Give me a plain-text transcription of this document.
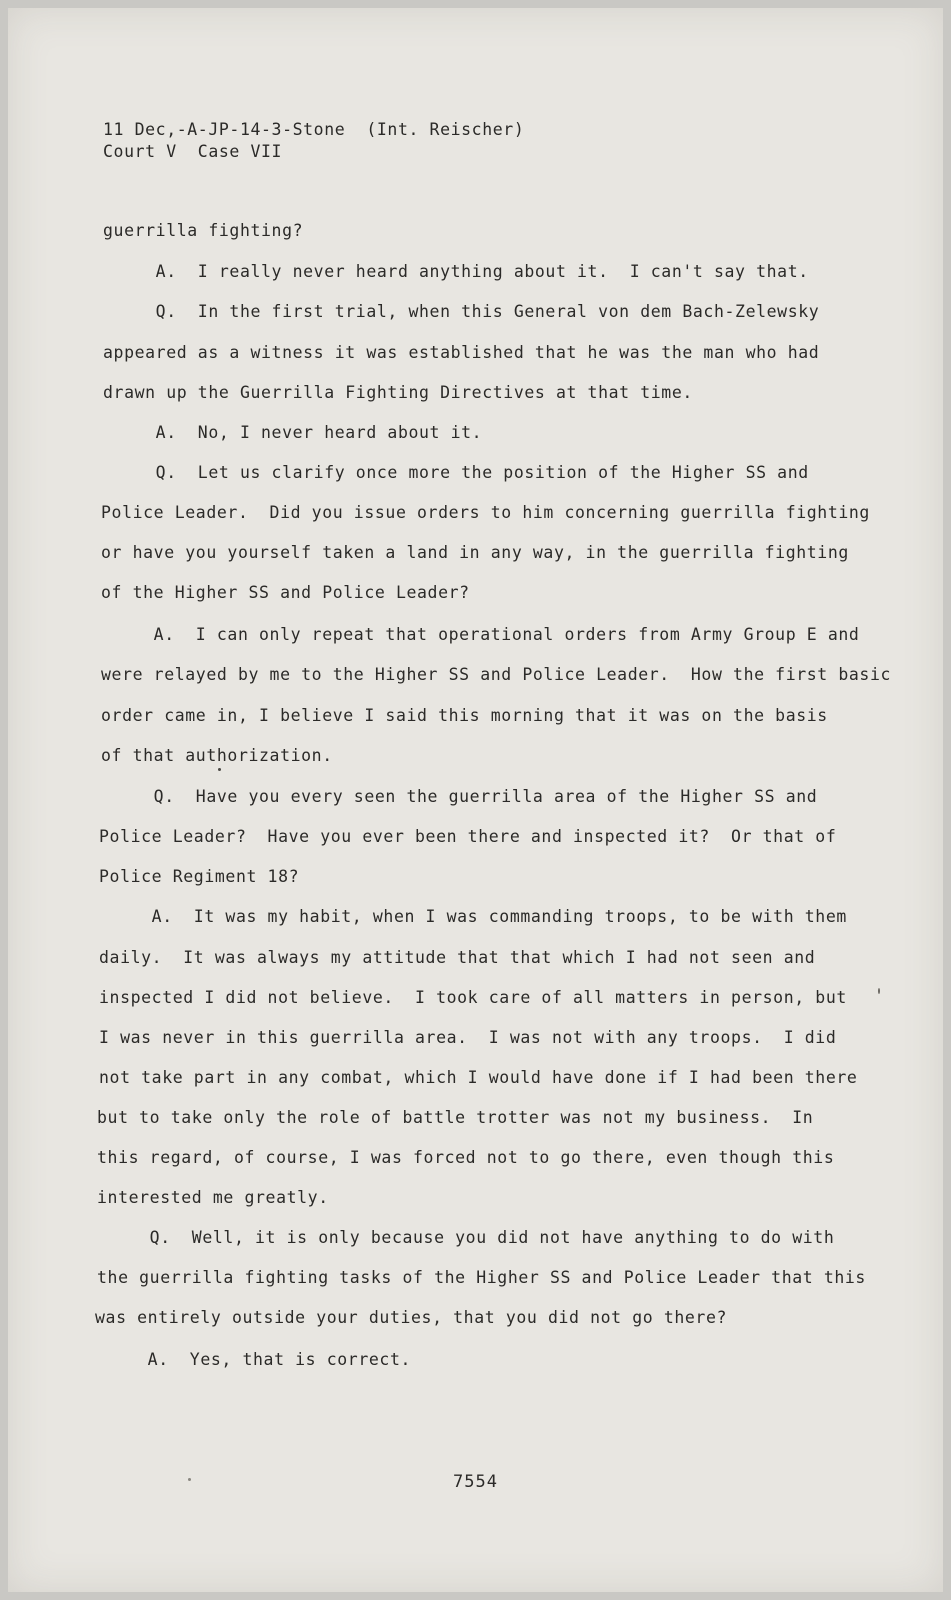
11 Dec,-A-JP-14-3-Stone  (Int. Reischer)
Court V  Case VII
guerrilla fighting?
A.  I really never heard anything about it.  I can't say that.
Q.  In the first trial, when this General von dem Bach-Zelewsky
appeared as a witness it was established that he was the man who had
drawn up the Guerrilla Fighting Directives at that time.
A.  No, I never heard about it.
Q.  Let us clarify once more the position of the Higher SS and
Police Leader.  Did you issue orders to him concerning guerrilla fighting
or have you yourself taken a land in any way, in the guerrilla fighting
of the Higher SS and Police Leader?
A.  I can only repeat that operational orders from Army Group E and
were relayed by me to the Higher SS and Police Leader.  How the first basic
order came in, I believe I said this morning that it was on the basis
of that authorization.
Q.  Have you every seen the guerrilla area of the Higher SS and
Police Leader?  Have you ever been there and inspected it?  Or that of
Police Regiment 18?
A.  It was my habit, when I was commanding troops, to be with them
daily.  It was always my attitude that that which I had not seen and
inspected I did not believe.  I took care of all matters in person, but
I was never in this guerrilla area.  I was not with any troops.  I did
not take part in any combat, which I would have done if I had been there
but to take only the role of battle trotter was not my business.  In
this regard, of course, I was forced not to go there, even though this
interested me greatly.
Q.  Well, it is only because you did not have anything to do with
the guerrilla fighting tasks of the Higher SS and Police Leader that this
was entirely outside your duties, that you did not go there?
A.  Yes, that is correct.
7554
